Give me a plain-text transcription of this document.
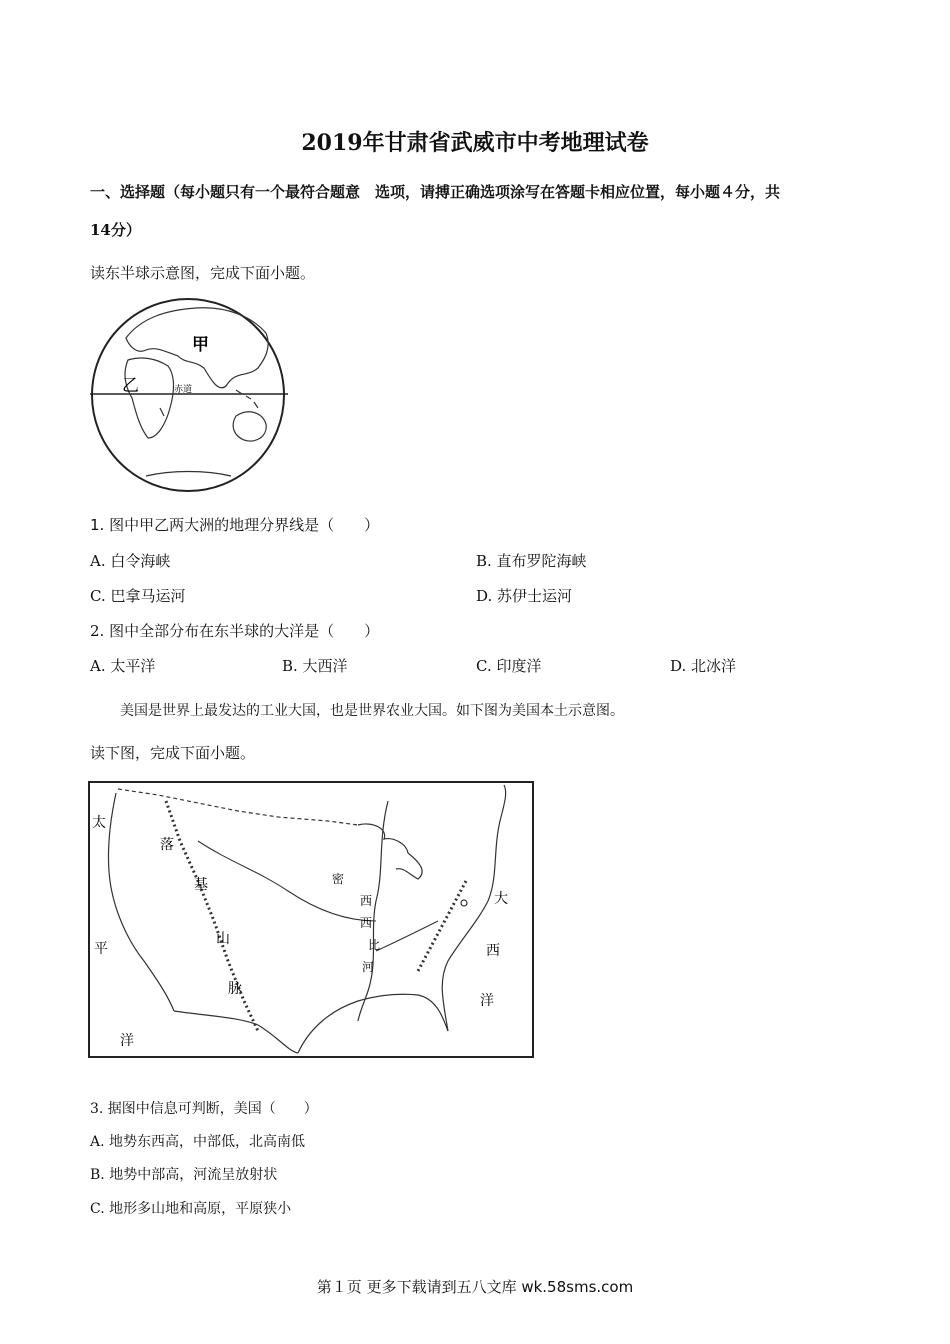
2019年甘肃省武威市中考地理试卷
一、选择题（每小题只有一个最符合题意　选项，请搏正确选项涂写在答题卡相应位置，每小题４分，共
14分）
读东半球示意图，完成下面小题。
甲
乙	赤道
1. 图中甲乙两大洲的地理分界线是（　　）
A. 白令海峡	B. 直布罗陀海峡
C. 巴拿马运河	D. 苏伊士运河
2. 图中全部分布在东半球的大洋是（　　）
A. 太平洋	B. 大西洋	C. 印度洋	D. 北冰洋
美国是世界上最发达的工业大国，也是世界农业大国。如下图为美国本土示意图。
读下图，完成下面小题。
太
平
洋
落
基
山
脉
密
西
西
比
河
大
西
洋
3. 据图中信息可判断，美国（　　）
A. 地势东西高，中部低，北高南低
B. 地势中部高，河流呈放射状
C. 地形多山地和高原，平原狭小
第１页 更多下载请到五八文库 wk.58sms.com
